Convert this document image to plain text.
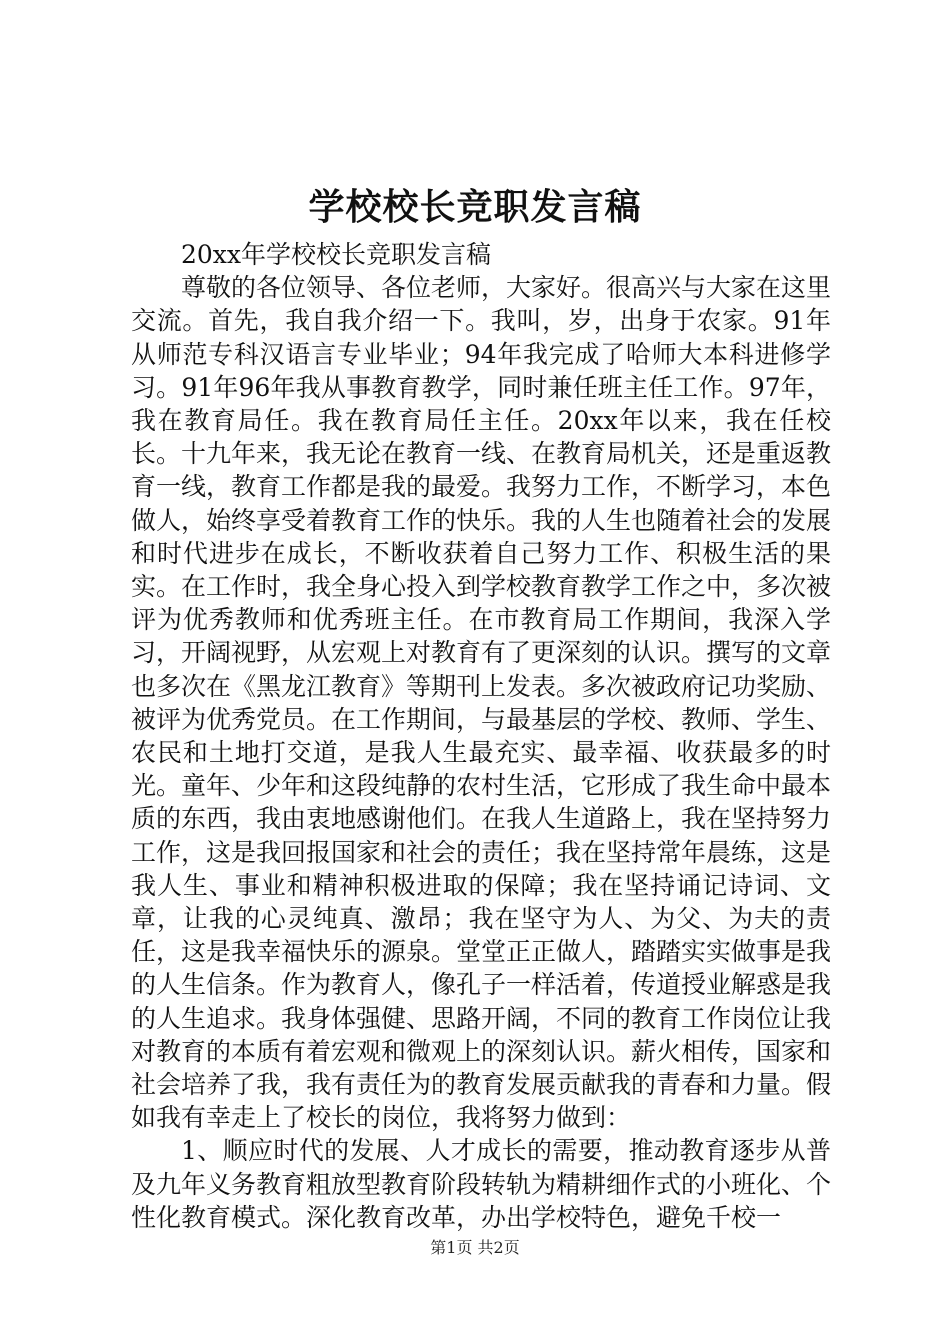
学校校长竞职发言稿

20xx年学校校长竞职发言稿

尊敬的各位领导、各位老师，大家好。很高兴与大家在这里交流。首先，我自我介绍一下。我叫，岁，出身于农家。91年从师范专科汉语言专业毕业；94年我完成了哈师大本科进修学习。91年96年我从事教育教学，同时兼任班主任工作。97年，我在教育局任。我在教育局任主任。20xx年以来，我在任校长。十九年来，我无论在教育一线、在教育局机关，还是重返教育一线，教育工作都是我的最爱。我努力工作，不断学习，本色做人，始终享受着教育工作的快乐。我的人生也随着社会的发展和时代进步在成长，不断收获着自己努力工作、积极生活的果实。在工作时，我全身心投入到学校教育教学工作之中，多次被评为优秀教师和优秀班主任。在市教育局工作期间，我深入学习，开阔视野，从宏观上对教育有了更深刻的认识。撰写的文章也多次在《黑龙江教育》等期刊上发表。多次被政府记功奖励、被评为优秀党员。在工作期间，与最基层的学校、教师、学生、农民和土地打交道，是我人生最充实、最幸福、收获最多的时光。童年、少年和这段纯静的农村生活，它形成了我生命中最本质的东西，我由衷地感谢他们。在我人生道路上，我在坚持努力工作，这是我回报国家和社会的责任；我在坚持常年晨练，这是我人生、事业和精神积极进取的保障；我在坚持诵记诗词、文章，让我的心灵纯真、激昂；我在坚守为人、为父、为夫的责任，这是我幸福快乐的源泉。堂堂正正做人，踏踏实实做事是我的人生信条。作为教育人，像孔子一样活着，传道授业解惑是我的人生追求。我身体强健、思路开阔，不同的教育工作岗位让我对教育的本质有着宏观和微观上的深刻认识。薪火相传，国家和社会培养了我，我有责任为的教育发展贡献我的青春和力量。假如我有幸走上了校长的岗位，我将努力做到：

1、顺应时代的发展、人才成长的需要，推动教育逐步从普及九年义务教育粗放型教育阶段转轨为精耕细作式的小班化、个性化教育模式。深化教育改革，办出学校特色，避免千校一

第1页 共2页
